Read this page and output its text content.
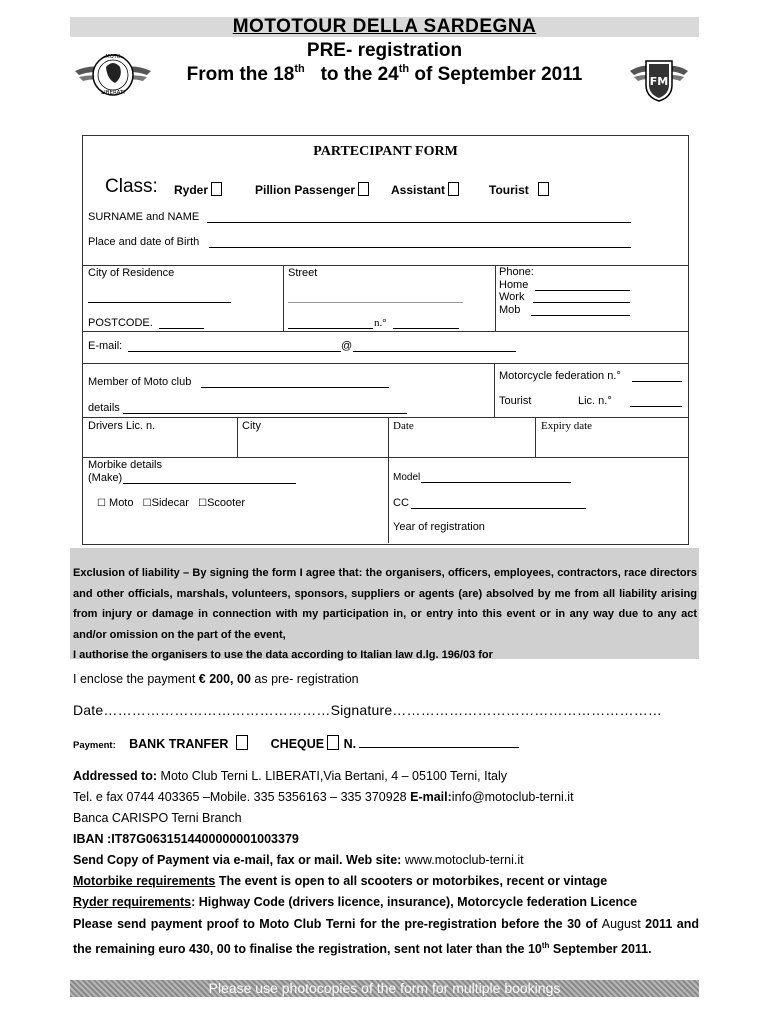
MOTOTOUR DELLA SARDEGNA
PRE- registration
From the 18th to the 24th of September 2011
MOTO
LIBERATI
FM
PARTECIPANT FORM
Class: Ryder	Pillion Passenger	Assistant	Tourist
SURNAME and NAME
Place and date of Birth
City of Residence	Street	Phone:
Home
Work
Mob
POSTCODE.	n.°
E-mail:	@
Member of Moto club
details
Motorcycle federation n.°
Tourist	Lic. n.°
Drivers Lic. n.	City	Date	Expiry date
Morbike details
(Make)
☐ Moto ☐Sidecar ☐Scooter
Model
CC
Year of registration
Exclusion of liability – By signing the form I agree that: the organisers, officers, employees, contractors, race directors and other officials, marshals, volunteers, sponsors, suppliers or agents (are) absolved by me from all liability arising from injury or damage in connection with my participation in, or entry into this event or in any way due to any act and/or omission on the part of the event,
I authorise the organisers to use the data according to Italian law d.lg. 196/03 for
I enclose the payment € 200, 00 as pre- registration
Date…………………………………………Signature…………………………………………………
Payment: BANK TRANFER	CHEQUE N.
Addressed to: Moto Club Terni L. LIBERATI,Via Bertani, 4 – 05100 Terni, Italy
Tel. e fax 0744 403365 –Mobile. 335 5356163 – 335 370928 E-mail:info@motoclub-terni.it
Banca CARISPO Terni Branch
IBAN :IT87G0631514400000001003379
Send Copy of Payment via e-mail, fax or mail. Web site: www.motoclub-terni.it
Motorbike requirements The event is open to all scooters or motorbikes, recent or vintage
Ryder requirements: Highway Code (drivers licence, insurance), Motorcycle federation Licence
Please send payment proof to Moto Club Terni for the pre-registration before the 30 of August 2011 and the remaining euro 430, 00 to finalise the registration, sent not later than the 10th September 2011.
Please use photocopies of the form for multiple bookings
